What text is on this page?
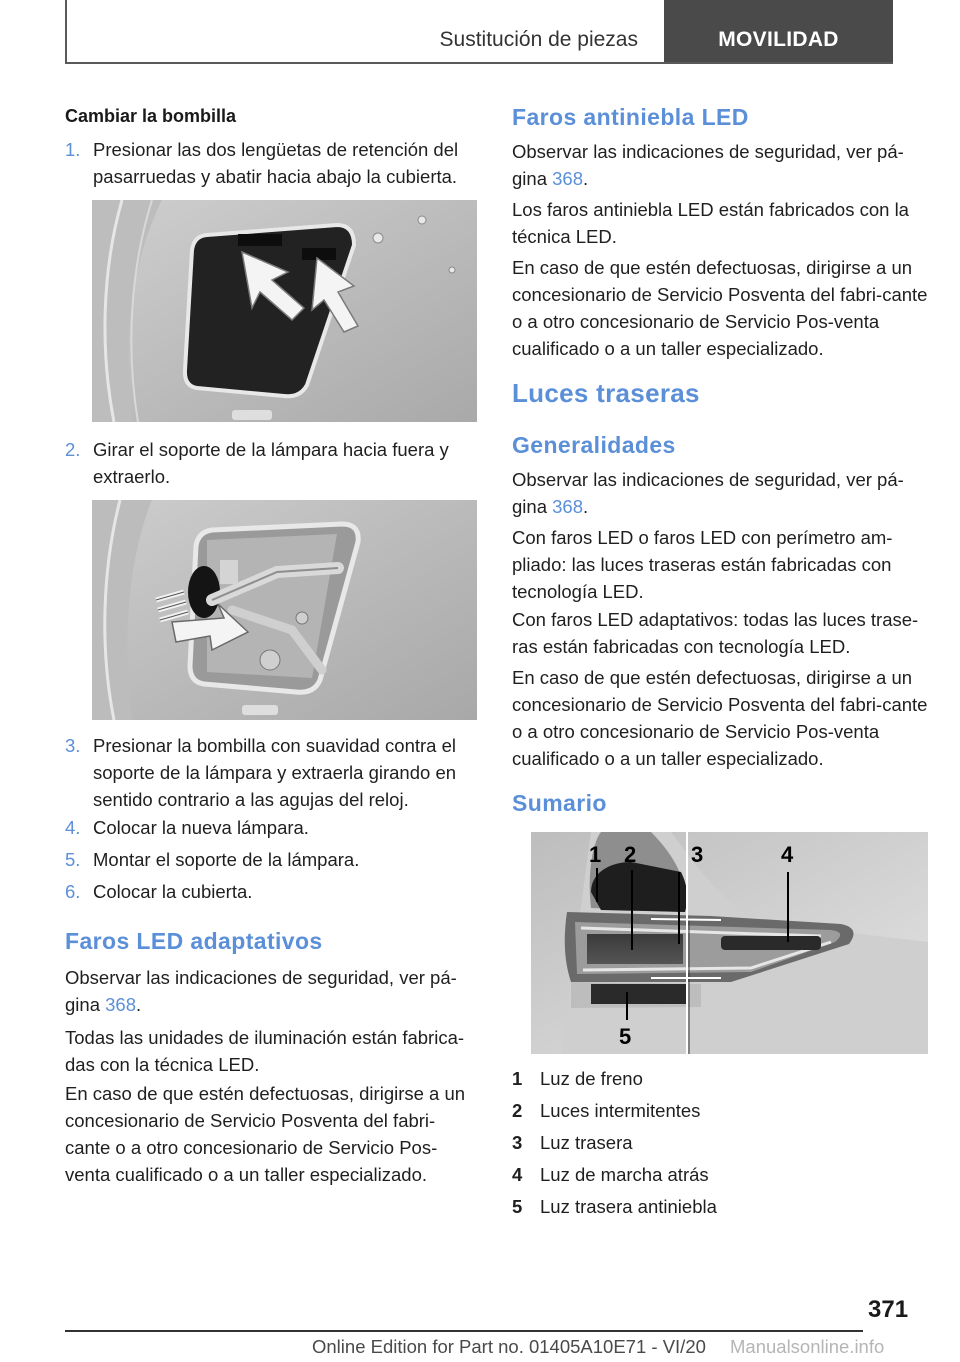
Sustitución de piezas	MOVILIDAD
Cambiar la bombilla
1. Presionar las dos lengüetas de retención del pasarruedas y abatir hacia abajo la cubierta.
2. Girar el soporte de la lámpara hacia fuera y extraerlo.
3. Presionar la bombilla con suavidad contra el soporte de la lámpara y extraerla girando en sentido contrario a las agujas del reloj.
4. Colocar la nueva lámpara.
5. Montar el soporte de la lámpara.
6. Colocar la cubierta.
Faros LED adaptativos
Observar las indicaciones de seguridad, ver pá‐gina 368.
Todas las unidades de iluminación están fabrica‐das con la técnica LED.
En caso de que estén defectuosas, dirigirse a un concesionario de Servicio Posventa del fabri‐cante o a otro concesionario de Servicio Pos‐venta cualificado o a un taller especializado.
Faros antiniebla LED
Observar las indicaciones de seguridad, ver pá‐gina 368.
Los faros antiniebla LED están fabricados con la técnica LED.
En caso de que estén defectuosas, dirigirse a un concesionario de Servicio Posventa del fabri‐cante o a otro concesionario de Servicio Pos‐venta cualificado o a un taller especializado.
Luces traseras
Generalidades
Observar las indicaciones de seguridad, ver pá‐gina 368.
Con faros LED o faros LED con perímetro am‐pliado: las luces traseras están fabricadas con tecnología LED.
Con faros LED adaptativos: todas las luces trase‐ras están fabricadas con tecnología LED.
En caso de que estén defectuosas, dirigirse a un concesionario de Servicio Posventa del fabri‐cante o a otro concesionario de Servicio Pos‐venta cualificado o a un taller especializado.
Sumario
1 2 3	4
5
1 Luz de freno
2 Luces intermitentes
3 Luz trasera
4 Luz de marcha atrás
5 Luz trasera antiniebla
371
Online Edition for Part no. 01405A10E71 - VI/20 Manualsonline.info
